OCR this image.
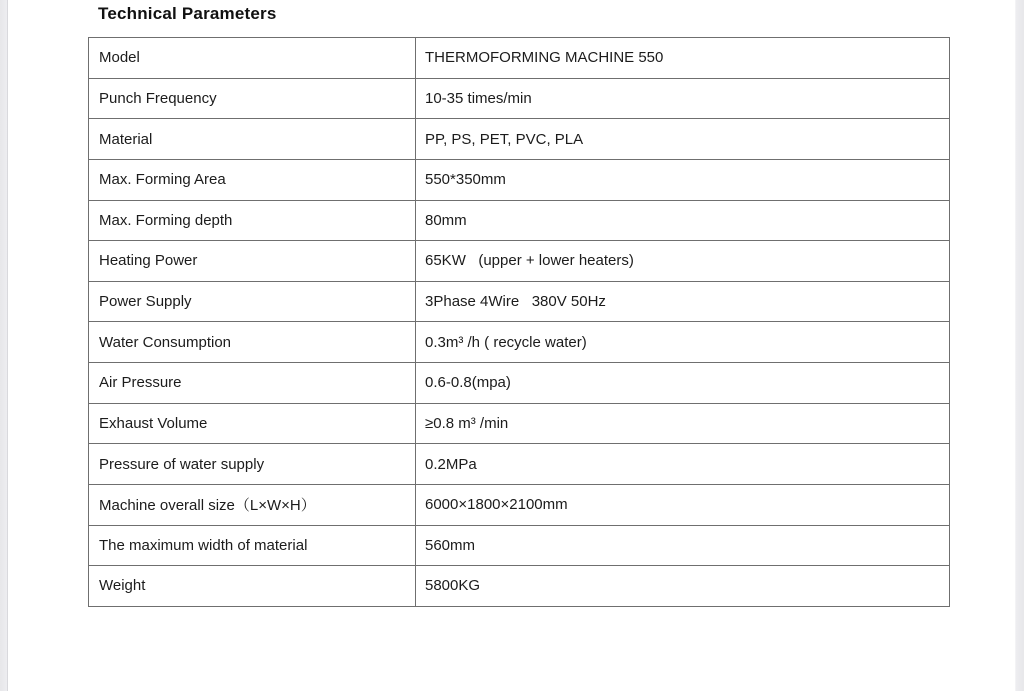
Technical Parameters
Model	THERMOFORMING MACHINE 550
Punch Frequency	10-35 times/min
Material	PP, PS, PET, PVC, PLA
Max. Forming Area	550*350mm
Max. Forming depth	80mm
Heating Power	65KW   (upper + lower heaters)
Power Supply	3Phase 4Wire   380V 50Hz
Water Consumption	0.3m³ /h ( recycle water)
Air Pressure	0.6-0.8(mpa)
Exhaust Volume	≥0.8 m³ /min
Pressure of water supply	0.2MPa
Machine overall size（L×W×H）	6000×1800×2100mm
The maximum width of material	560mm
Weight	5800KG
